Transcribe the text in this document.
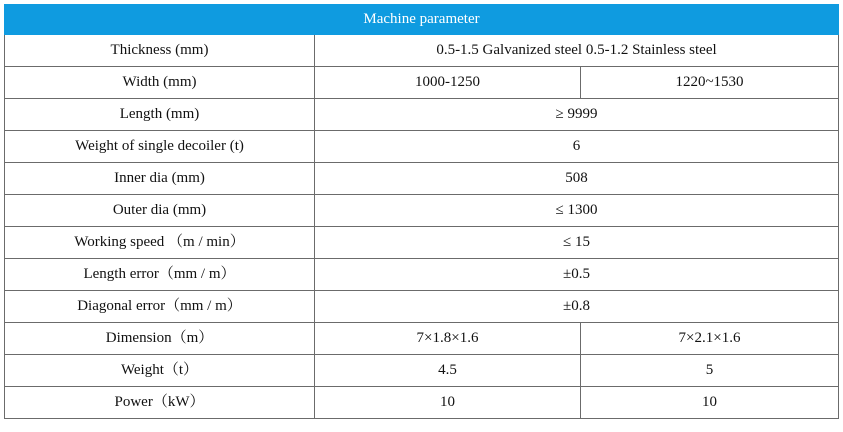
Machine parameter		
Thickness (mm)	0.5-1.5 Galvanized steel 0.5-1.2 Stainless steel	
Width (mm)	1000-1250	1220~1530
Length (mm)	≥ 9999	
Weight of single decoiler (t)	6	
Inner dia (mm)	508	
Outer dia (mm)	≤ 1300	
Working speed （m / min）	≤ 15	
Length error（mm / m）	±0.5	
Diagonal error（mm / m）	±0.8	
Dimension（m）	7×1.8×1.6	7×2.1×1.6
Weight（t）	4.5	5
Power（kW）	10	10
